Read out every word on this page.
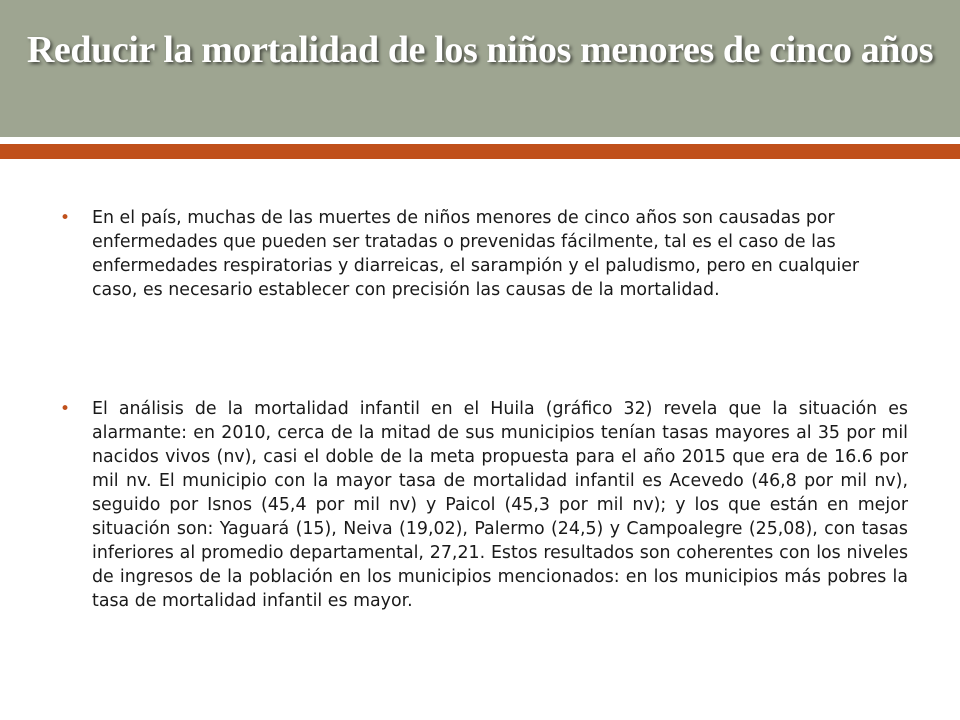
Reducir la mortalidad de los niños menores de cinco años
• En el país, muchas de las muertes de niños menores de cinco años son causadas por enfermedades que pueden ser tratadas o prevenidas fácilmente, tal es el caso de las enfermedades respiratorias y diarreicas, el sarampión y el paludismo, pero en cualquier caso, es necesario establecer con precisión las causas de la mortalidad.
• El análisis de la mortalidad infantil en el Huila (gráfico 32) revela que la situación es alarmante: en 2010, cerca de la mitad de sus municipios tenían tasas mayores al 35 por mil nacidos vivos (nv), casi el doble de la meta propuesta para el año 2015 que era de 16.6 por mil nv. El municipio con la mayor tasa de mortalidad infantil es Acevedo (46,8 por mil nv), seguido por Isnos (45,4 por mil nv) y Paicol (45,3 por mil nv); y los que están en mejor situación son: Yaguará (15), Neiva (19,02), Palermo (24,5) y Campoalegre (25,08), con tasas inferiores al promedio departamental, 27,21. Estos resultados son coherentes con los niveles de ingresos de la población en los municipios mencionados: en los municipios más pobres la tasa de mortalidad infantil es mayor.
